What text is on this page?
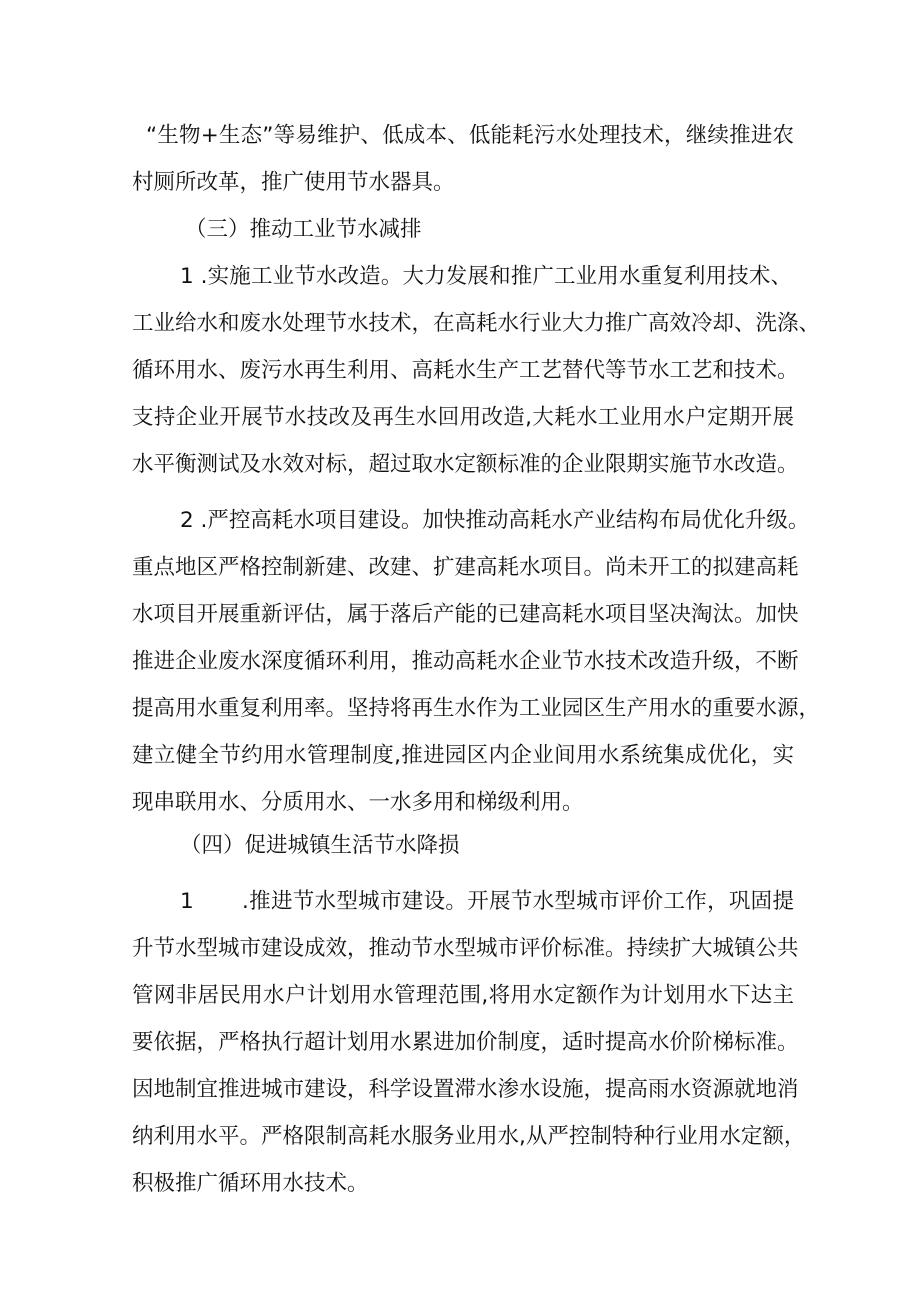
“生物+生态”等易维护、低成本、低能耗污水处理技术，继续推进农
村厕所改革，推广使用节水器具。
（三）推动工业节水减排
1 .实施工业节水改造。大力发展和推广工业用水重复利用技术、
工业给水和废水处理节水技术，在高耗水行业大力推广高效冷却、洗涤、
循环用水、废污水再生利用、高耗水生产工艺替代等节水工艺和技术。
支持企业开展节水技改及再生水回用改造,大耗水工业用水户定期开展
水平衡测试及水效对标，超过取水定额标准的企业限期实施节水改造。
2 .严控高耗水项目建设。加快推动高耗水产业结构布局优化升级。
重点地区严格控制新建、改建、扩建高耗水项目。尚未开工的拟建高耗
水项目开展重新评估，属于落后产能的已建高耗水项目坚决淘汰。加快
推进企业废水深度循环利用，推动高耗水企业节水技术改造升级，不断
提高用水重复利用率。坚持将再生水作为工业园区生产用水的重要水源，
建立健全节约用水管理制度,推进园区内企业间用水系统集成优化，实
现串联用水、分质用水、一水多用和梯级利用。
（四）促进城镇生活节水降损
1 .推进节水型城市建设。开展节水型城市评价工作，巩固提
升节水型城市建设成效，推动节水型城市评价标准。持续扩大城镇公共
管网非居民用水户计划用水管理范围,将用水定额作为计划用水下达主
要依据，严格执行超计划用水累进加价制度，适时提高水价阶梯标准。
因地制宜推进城市建设，科学设置滞水渗水设施，提高雨水资源就地消
纳利用水平。严格限制高耗水服务业用水,从严控制特种行业用水定额，
积极推广循环用水技术。
